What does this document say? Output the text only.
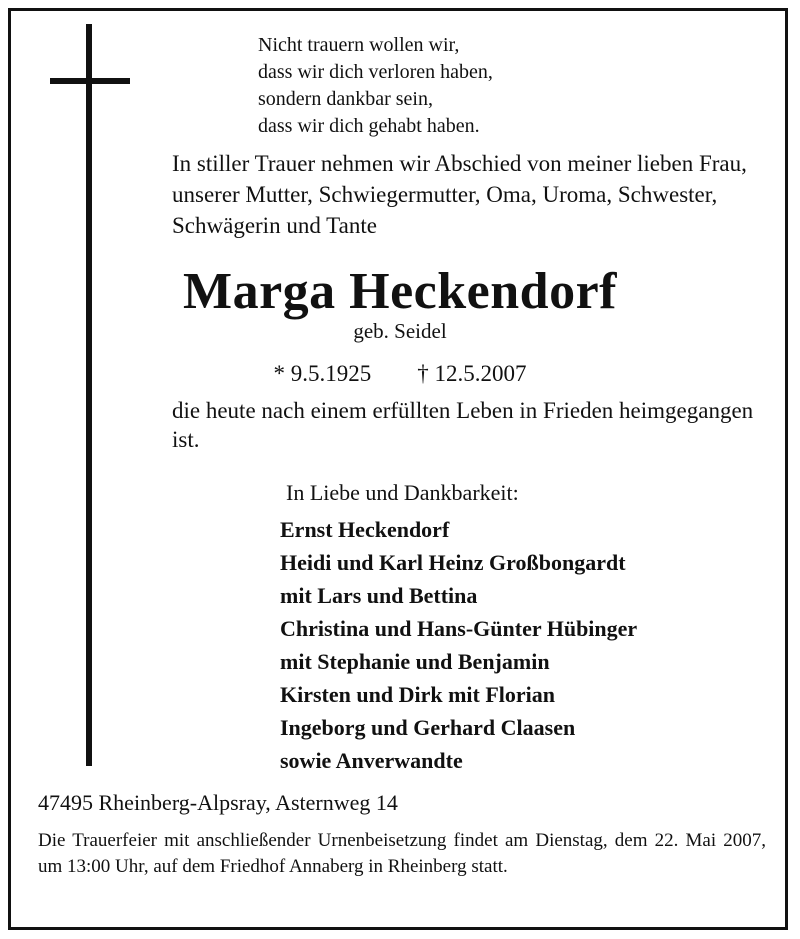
Nicht trauern wollen wir,
dass wir dich verloren haben,
sondern dankbar sein,
dass wir dich gehabt haben.
In stiller Trauer nehmen wir Abschied von meiner lieben Frau, unserer Mutter, Schwiegermutter, Oma, Uroma, Schwester, Schwägerin und Tante
Marga Heckendorf
geb. Seidel
* 9.5.1925 † 12.5.2007
die heute nach einem erfüllten Leben in Frieden heimgegangen ist.
In Liebe und Dankbarkeit:
Ernst Heckendorf
Heidi und Karl Heinz Großbongardt
mit Lars und Bettina
Christina und Hans-Günter Hübinger
mit Stephanie und Benjamin
Kirsten und Dirk mit Florian
Ingeborg und Gerhard Claasen
sowie Anverwandte
47495 Rheinberg-Alpsray, Asternweg 14
Die Trauerfeier mit anschließender Urnenbeisetzung findet am Dienstag, dem 22. Mai 2007, um 13:00 Uhr, auf dem Friedhof Annaberg in Rheinberg statt.
